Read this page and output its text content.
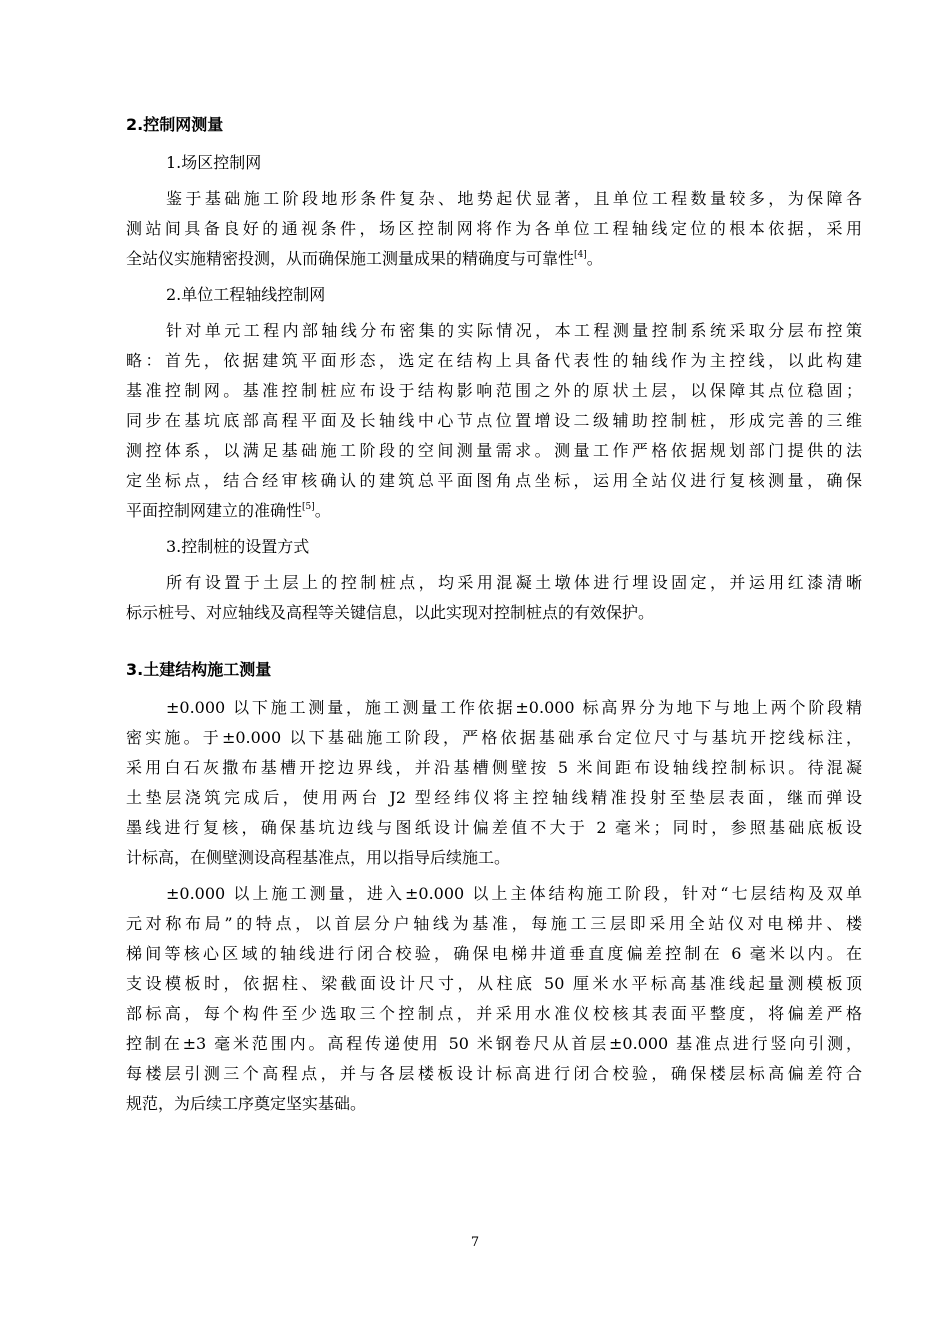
2.控制网测量
1.场区控制网
鉴于基础施工阶段地形条件复杂、地势起伏显著，且单位工程数量较多，为保障各
测站间具备良好的通视条件，场区控制网将作为各单位工程轴线定位的根本依据，采用
全站仪实施精密投测，从而确保施工测量成果的精确度与可靠性[4]。
2.单位工程轴线控制网
针对单元工程内部轴线分布密集的实际情况，本工程测量控制系统采取分层布控策
略：首先，依据建筑平面形态，选定在结构上具备代表性的轴线作为主控线，以此构建
基准控制网。基准控制桩应布设于结构影响范围之外的原状土层，以保障其点位稳固；
同步在基坑底部高程平面及长轴线中心节点位置增设二级辅助控制桩，形成完善的三维
测控体系，以满足基础施工阶段的空间测量需求。测量工作严格依据规划部门提供的法
定坐标点，结合经审核确认的建筑总平面图角点坐标，运用全站仪进行复核测量，确保
平面控制网建立的准确性[5]。
3.控制桩的设置方式
所有设置于土层上的控制桩点，均采用混凝土墩体进行埋设固定，并运用红漆清晰
标示桩号、对应轴线及高程等关键信息，以此实现对控制桩点的有效保护。
3.土建结构施工测量
±0.000 以下施工测量，施工测量工作依据±0.000 标高界分为地下与地上两个阶段精
密实施。于±0.000 以下基础施工阶段，严格依据基础承台定位尺寸与基坑开挖线标注，
采用白石灰撒布基槽开挖边界线，并沿基槽侧壁按 5 米间距布设轴线控制标识。待混凝
土垫层浇筑完成后，使用两台 J2 型经纬仪将主控轴线精准投射至垫层表面，继而弹设
墨线进行复核，确保基坑边线与图纸设计偏差值不大于 2 毫米；同时，参照基础底板设
计标高，在侧壁测设高程基准点，用以指导后续施工。
±0.000 以上施工测量，进入±0.000 以上主体结构施工阶段，针对“七层结构及双单
元对称布局”的特点，以首层分户轴线为基准，每施工三层即采用全站仪对电梯井、楼
梯间等核心区域的轴线进行闭合校验，确保电梯井道垂直度偏差控制在 6 毫米以内。在
支设模板时，依据柱、梁截面设计尺寸，从柱底 50 厘米水平标高基准线起量测模板顶
部标高，每个构件至少选取三个控制点，并采用水准仪校核其表面平整度，将偏差严格
控制在±3 毫米范围内。高程传递使用 50 米钢卷尺从首层±0.000 基准点进行竖向引测，
每楼层引测三个高程点，并与各层楼板设计标高进行闭合校验，确保楼层标高偏差符合
规范，为后续工序奠定坚实基础。
7
